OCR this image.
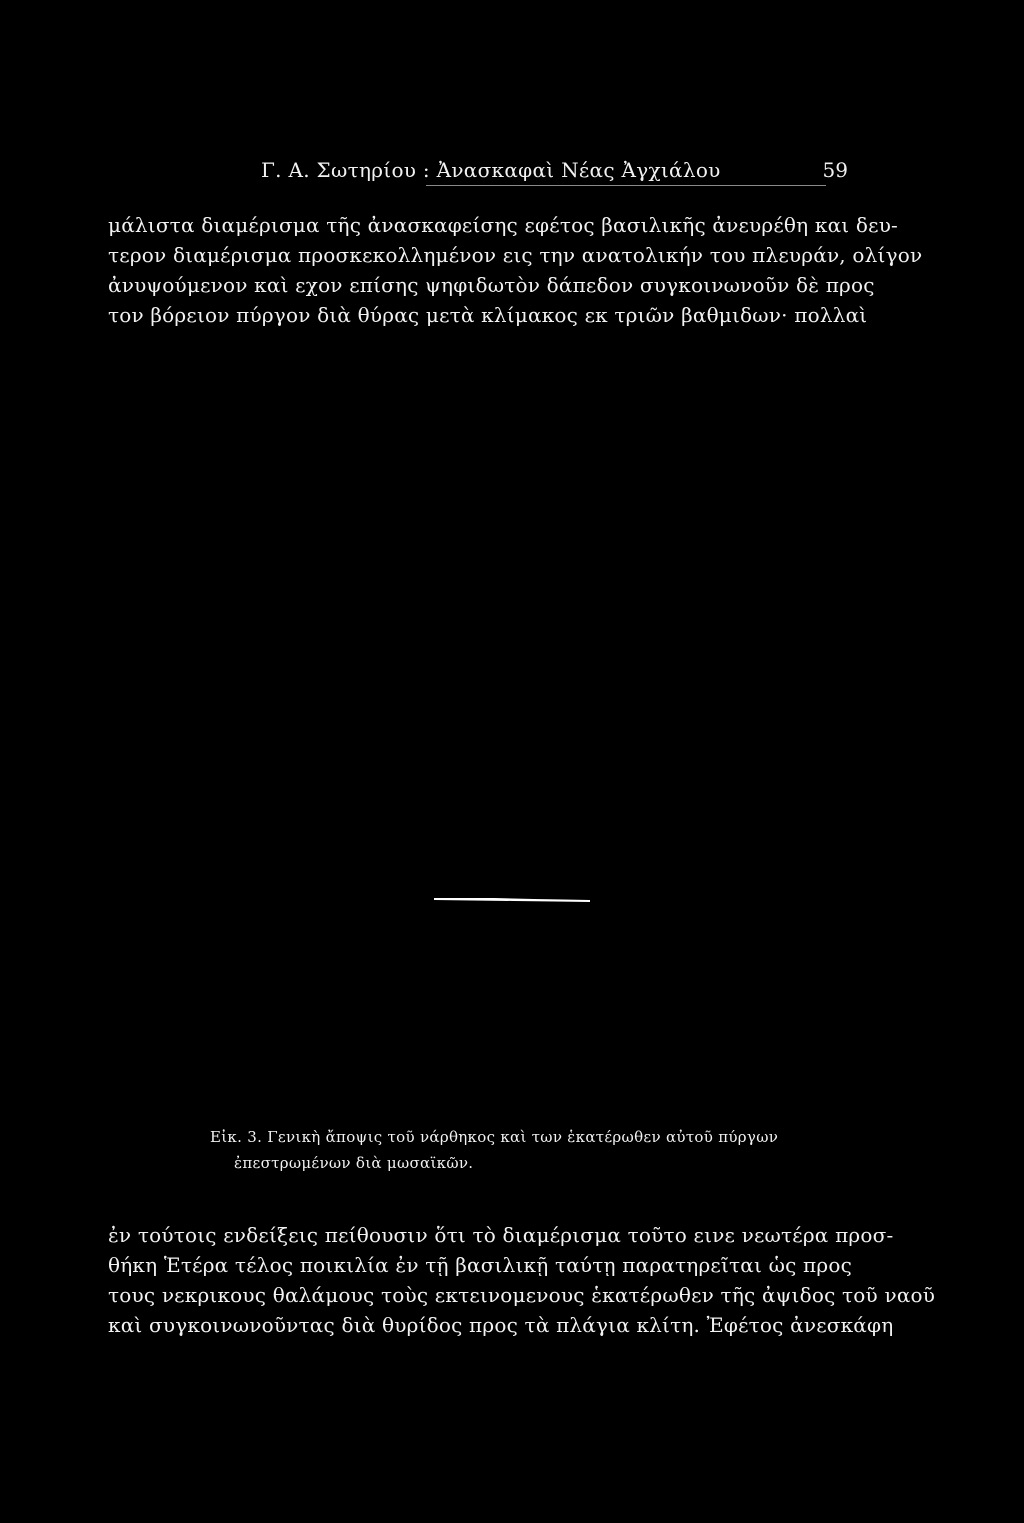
Γ. Α. Σωτηρίου : Ἀνασκαφαὶ Νέας Ἀγχιάλου	59
μάλιστα διαμέρισμα τῆς ἀνασκαφείσης εφέτος βασιλικῆς ἀνευρέθη και δευ-
τερον διαμέρισμα προσκεκολλημένον εις την ανατολικήν του πλευράν, ολίγον
ἀνυψούμενον καὶ εχον επίσης ψηφιδωτὸν δάπεδον συγκοινωνοῦν δὲ προς
τον βόρειον πύργον διὰ θύρας μετὰ κλίμακος εκ τριῶν βαθμιδων· πολλαὶ
Εἰκ. 3. Γενικὴ ἄποψις τοῦ νάρθηκος καὶ των ἑκατέρωθεν αὐτοῦ πύργων
ἐπεστρωμένων διὰ μωσαϊκῶν.
ἐν τούτοις ενδείξεις πείθουσιν ὅτι τὸ διαμέρισμα τοῦτο εινε νεωτέρα προσ-
θήκη Ἑτέρα τέλος ποικιλία ἐν τῇ βασιλικῇ ταύτῃ παρατηρεῖται ὡς προς
τους νεκρικους θαλάμους τοὺς εκτεινομενους ἑκατέρωθεν τῆς ἀψιδος τοῦ ναοῦ
καὶ συγκοινωνοῦντας διὰ θυρίδος προς τὰ πλάγια κλίτη. Ἐφέτος ἀνεσκάφη
